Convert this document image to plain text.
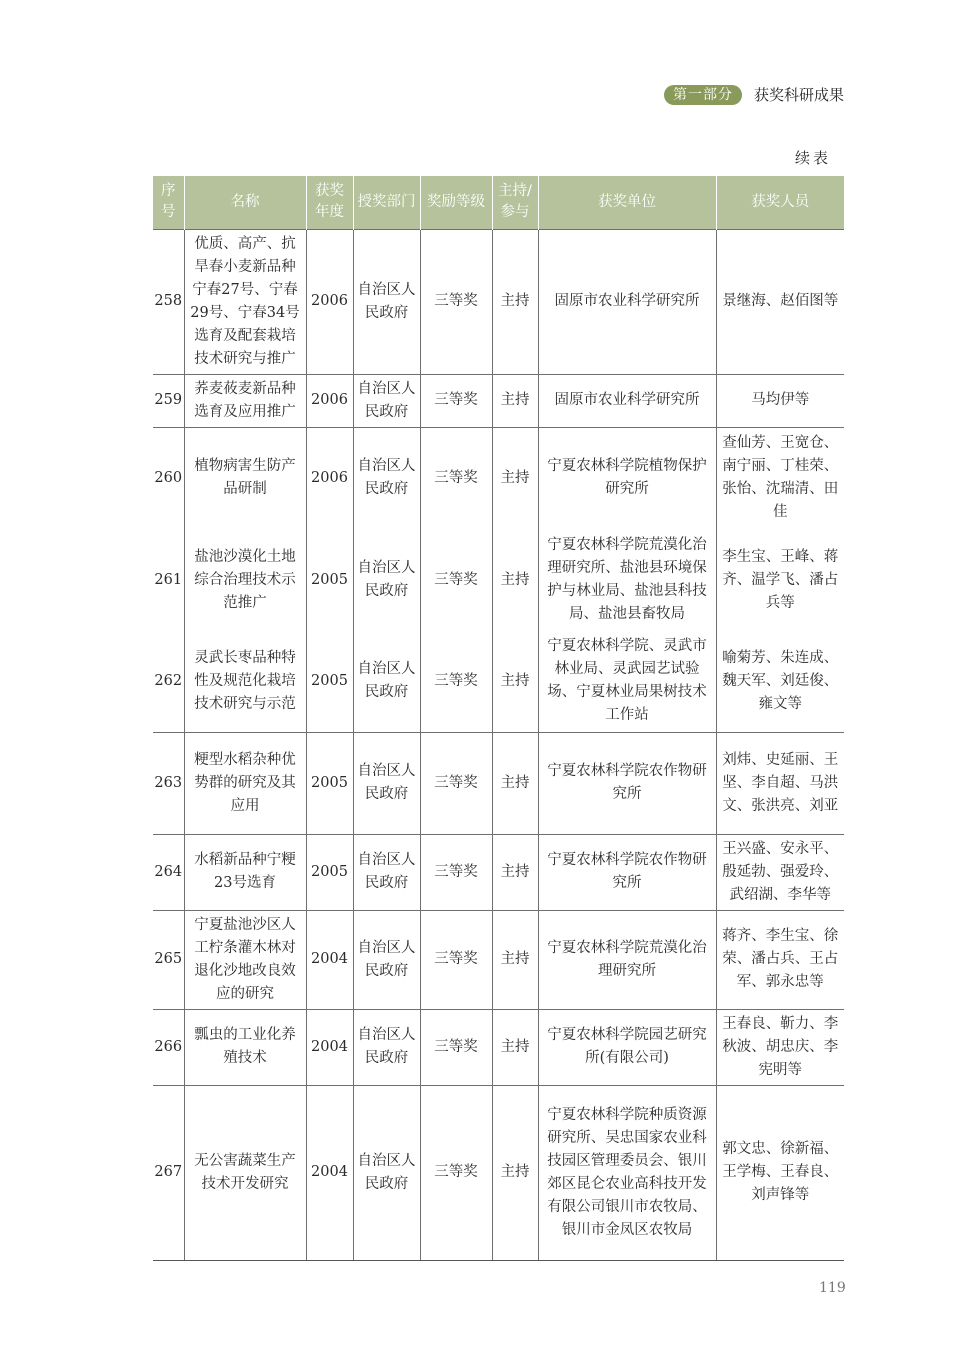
第一部分	获奖科研成果
续表
序号	名称	获奖年度	授奖部门	奖励等级	主持/参与	获奖单位	获奖人员
258	优质、高产、抗旱春小麦新品种宁春27号、宁春29号、宁春34号选育及配套栽培技术研究与推广	2006	自治区人民政府	三等奖	主持	固原市农业科学研究所	景继海、赵佰图等
259	荞麦莜麦新品种选育及应用推广	2006	自治区人民政府	三等奖	主持	固原市农业科学研究所	马均伊等
260	植物病害生防产品研制	2006	自治区人民政府	三等奖	主持	宁夏农林科学院植物保护研究所	查仙芳、王宽仓、南宁丽、丁桂荣、张怡、沈瑞清、田佳
261	盐池沙漠化土地综合治理技术示范推广	2005	自治区人民政府	三等奖	主持	宁夏农林科学院荒漠化治理研究所、盐池县环境保护与林业局、盐池县科技局、盐池县畜牧局	李生宝、王峰、蒋齐、温学飞、潘占兵等
262	灵武长枣品种特性及规范化栽培技术研究与示范	2005	自治区人民政府	三等奖	主持	宁夏农林科学院、灵武市林业局、灵武园艺试验场、宁夏林业局果树技术工作站	喻菊芳、朱连成、魏天军、刘廷俊、雍文等
263	粳型水稻杂种优势群的研究及其应用	2005	自治区人民政府	三等奖	主持	宁夏农林科学院农作物研究所	刘炜、史延丽、王坚、李自超、马洪文、张洪亮、刘亚
264	水稻新品种宁粳23号选育	2005	自治区人民政府	三等奖	主持	宁夏农林科学院农作物研究所	王兴盛、安永平、殷延勃、强爱玲、武绍湖、李华等
265	宁夏盐池沙区人工柠条灌木林对退化沙地改良效应的研究	2004	自治区人民政府	三等奖	主持	宁夏农林科学院荒漠化治理研究所	蒋齐、李生宝、徐荣、潘占兵、王占军、郭永忠等
266	瓢虫的工业化养殖技术	2004	自治区人民政府	三等奖	主持	宁夏农林科学院园艺研究所(有限公司)	王春良、靳力、李秋波、胡忠庆、李宪明等
267	无公害蔬菜生产技术开发研究	2004	自治区人民政府	三等奖	主持	宁夏农林科学院种质资源研究所、吴忠国家农业科技园区管理委员会、银川郊区昆仑农业高科技开发有限公司银川市农牧局、银川市金凤区农牧局	郭文忠、徐新福、王学梅、王春良、刘声锋等
119
